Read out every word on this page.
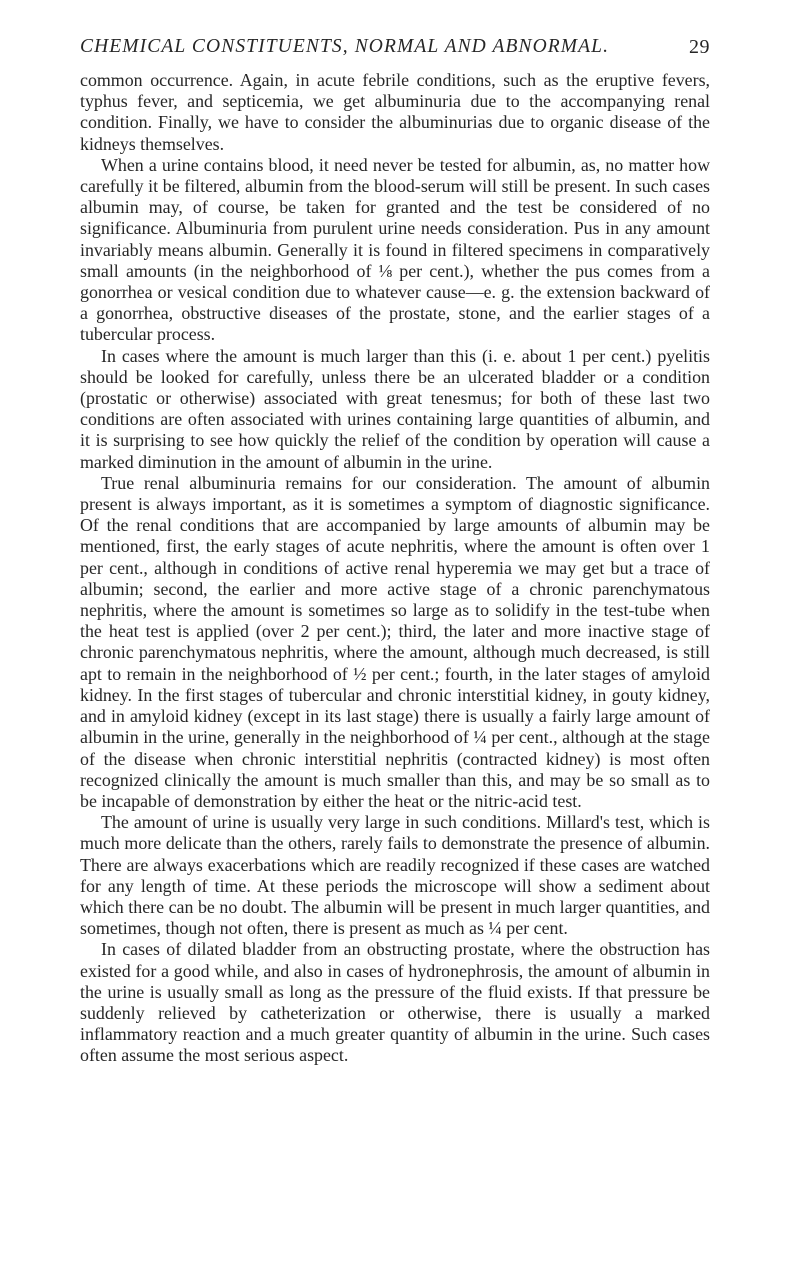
CHEMICAL CONSTITUENTS, NORMAL AND ABNORMAL.	29

common occurrence. Again, in acute febrile conditions, such as the eruptive fevers, typhus fever, and septicemia, we get albuminuria due to the accompanying renal condition. Finally, we have to consider the albuminurias due to organic disease of the kidneys themselves.

When a urine contains blood, it need never be tested for albumin, as, no matter how carefully it be filtered, albumin from the blood-serum will still be present. In such cases albumin may, of course, be taken for granted and the test be considered of no significance. Albuminuria from purulent urine needs consideration. Pus in any amount invariably means albumin. Generally it is found in filtered specimens in comparatively small amounts (in the neighborhood of ⅛ per cent.), whether the pus comes from a gonorrhea or vesical condition due to whatever cause—e. g. the extension backward of a gonorrhea, obstructive diseases of the prostate, stone, and the earlier stages of a tubercular process.

In cases where the amount is much larger than this (i. e. about 1 per cent.) pyelitis should be looked for carefully, unless there be an ulcerated bladder or a condition (prostatic or otherwise) associated with great tenesmus; for both of these last two conditions are often associated with urines containing large quantities of albumin, and it is surprising to see how quickly the relief of the condition by operation will cause a marked diminution in the amount of albumin in the urine.

True renal albuminuria remains for our consideration. The amount of albumin present is always important, as it is sometimes a symptom of diagnostic significance. Of the renal conditions that are accompanied by large amounts of albumin may be mentioned, first, the early stages of acute nephritis, where the amount is often over 1 per cent., although in conditions of active renal hyperemia we may get but a trace of albumin; second, the earlier and more active stage of a chronic parenchymatous nephritis, where the amount is sometimes so large as to solidify in the test-tube when the heat test is applied (over 2 per cent.); third, the later and more inactive stage of chronic parenchymatous nephritis, where the amount, although much decreased, is still apt to remain in the neighborhood of ½ per cent.; fourth, in the later stages of amyloid kidney. In the first stages of tubercular and chronic interstitial kidney, in gouty kidney, and in amyloid kidney (except in its last stage) there is usually a fairly large amount of albumin in the urine, generally in the neighborhood of ¼ per cent., although at the stage of the disease when chronic interstitial nephritis (contracted kidney) is most often recognized clinically the amount is much smaller than this, and may be so small as to be incapable of demonstration by either the heat or the nitric-acid test.

The amount of urine is usually very large in such conditions. Millard's test, which is much more delicate than the others, rarely fails to demonstrate the presence of albumin. There are always exacerbations which are readily recognized if these cases are watched for any length of time. At these periods the microscope will show a sediment about which there can be no doubt. The albumin will be present in much larger quantities, and sometimes, though not often, there is present as much as ¼ per cent.

In cases of dilated bladder from an obstructing prostate, where the obstruction has existed for a good while, and also in cases of hydronephrosis, the amount of albumin in the urine is usually small as long as the pressure of the fluid exists. If that pressure be suddenly relieved by catheterization or otherwise, there is usually a marked inflammatory reaction and a much greater quantity of albumin in the urine. Such cases often assume the most serious aspect.
